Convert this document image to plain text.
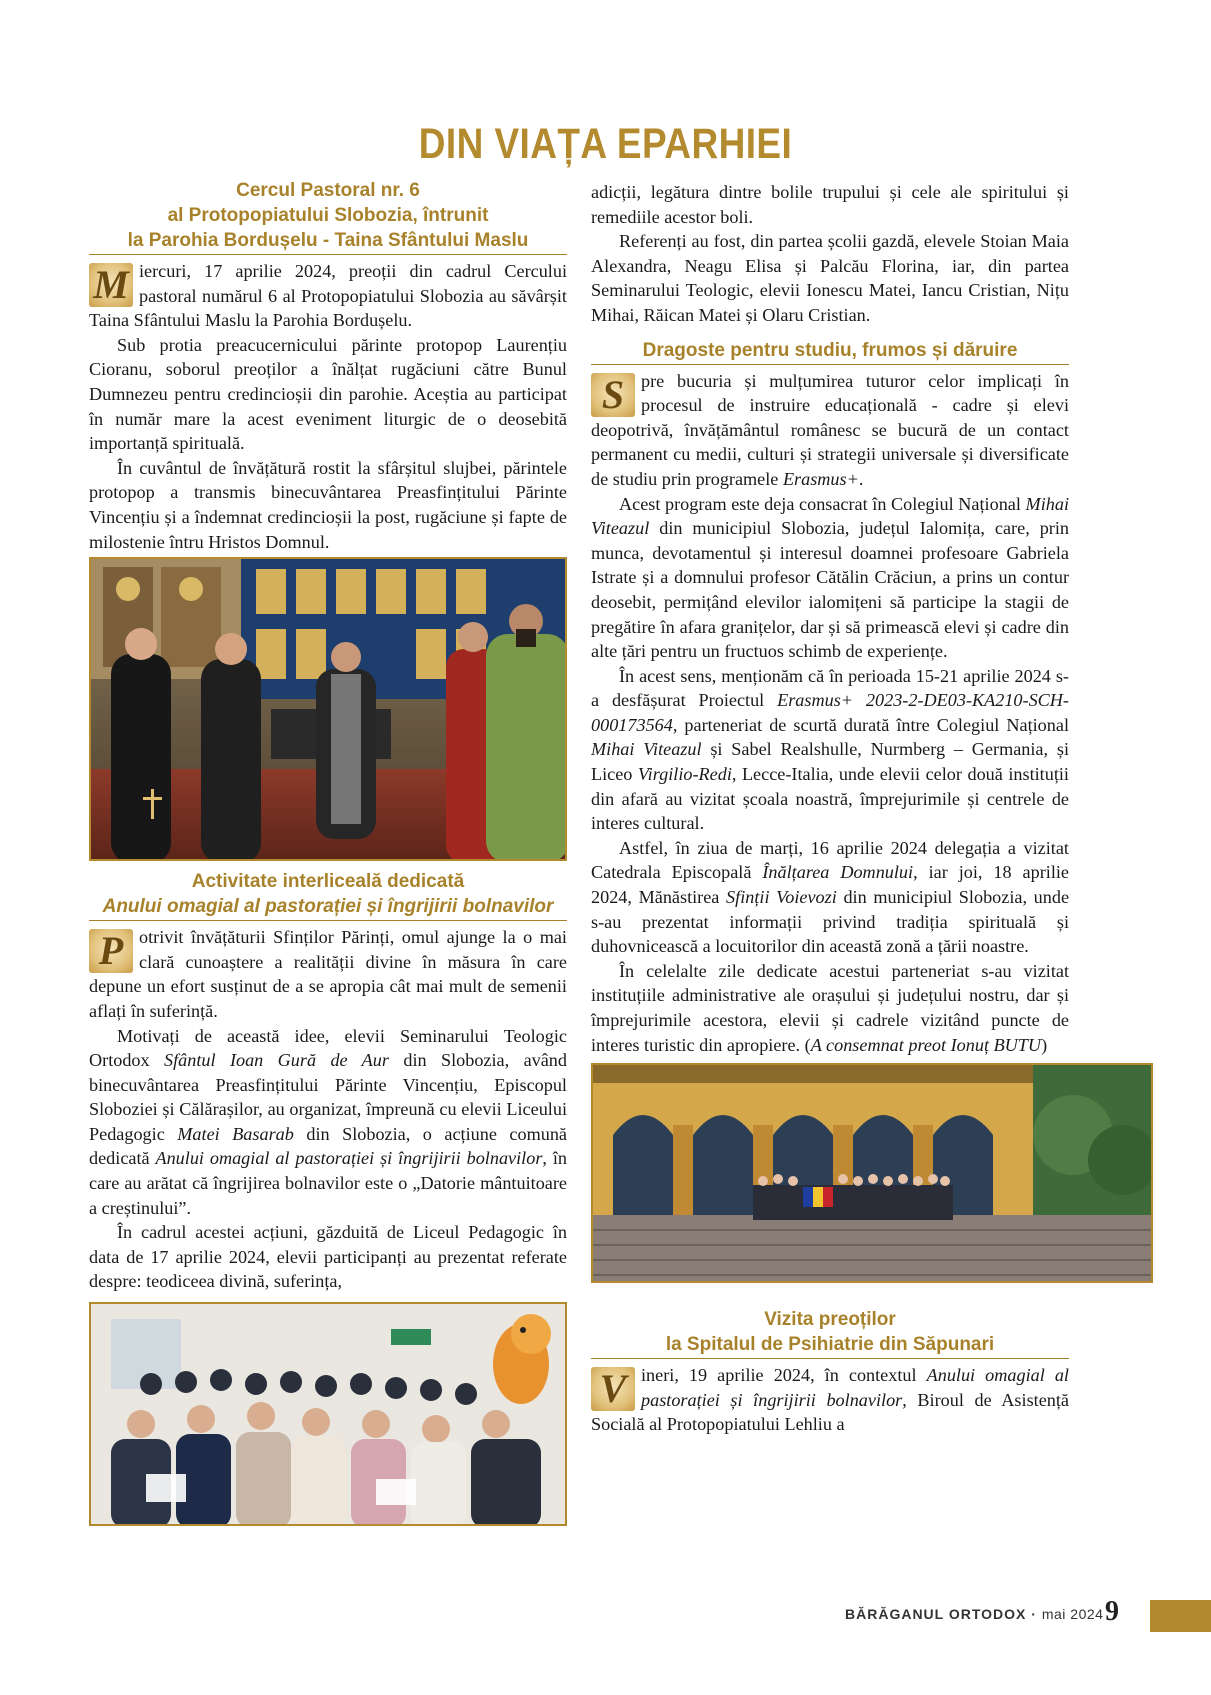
DIN VIAȚA EPARHIEI
Cercul Pastoral nr. 6
al Protopopiatului Slobozia, întrunit
la Parohia Bordușelu - Taina Sfântului Maslu

M iercuri, 17 aprilie 2024, preoții din cadrul Cercului pastoral numărul 6 al Protopopiatului Slobozia au săvârșit Taina Sfântului Maslu la Parohia Bordușelu.

Sub protia preacucernicului părinte protopop Laurențiu Cioranu, soborul preoților a înălțat rugăciuni către Bunul Dumnezeu pentru credincioșii din parohie. Aceștia au participat în număr mare la acest eveniment liturgic de o deosebită importanță spirituală.

În cuvântul de învățătură rostit la sfârșitul slujbei, părintele protopop a transmis binecuvântarea Preasfințitului Părinte Vincențiu și a îndemnat credincioșii la post, rugăciune și fapte de milostenie întru Hristos Domnul.

Activitate interliceală dedicată
Anului omagial al pastorației și îngrijirii bolnavilor

P otrivit învățăturii Sfinților Părinți, omul ajunge la o mai clară cunoaștere a realității divine în măsura în care depune un efort susținut de a se apropia cât mai mult de semenii aflați în suferință.

Motivați de această idee, elevii Seminarului Teologic Ortodox Sfântul Ioan Gură de Aur din Slobozia, având binecuvântarea Preasfințitului Părinte Vincențiu, Episcopul Sloboziei și Călărașilor, au organizat, împreună cu elevii Liceului Pedagogic Matei Basarab din Slobozia, o acțiune comună dedicată Anului omagial al pastorației și îngrijirii bolnavilor, în care au arătat că îngrijirea bolnavilor este o „Datorie mântuitoare a creștinului”.

În cadrul acestei acțiuni, găzduită de Liceul Pedagogic în data de 17 aprilie 2024, elevii participanți au prezentat referate despre: teodiceea divină, suferința,

adicții, legătura dintre bolile trupului și cele ale spiritului și remediile acestor boli.

Referenți au fost, din partea școlii gazdă, elevele Stoian Maia Alexandra, Neagu Elisa și Palcău Florina, iar, din partea Seminarului Teologic, elevii Ionescu Matei, Iancu Cristian, Nițu Mihai, Răican Matei și Olaru Cristian.

Dragoste pentru studiu, frumos și dăruire

S pre bucuria și mulțumirea tuturor celor implicați în procesul de instruire educațională - cadre și elevi deopotrivă, învățământul românesc se bucură de un contact permanent cu medii, culturi și strategii universale și diversificate de studiu prin programele Erasmus+.

Acest program este deja consacrat în Colegiul Național Mihai Viteazul din municipiul Slobozia, județul Ialomița, care, prin munca, devotamentul și interesul doamnei profesoare Gabriela Istrate și a domnului profesor Cătălin Crăciun, a prins un contur deosebit, permițând elevilor ialomițeni să participe la stagii de pregătire în afara granițelor, dar și să primească elevi și cadre din alte țări pentru un fructuos schimb de experiențe.

În acest sens, menționăm că în perioada 15-21 aprilie 2024 s-a desfășurat Proiectul Erasmus+ 2023-2-DE03-KA210-SCH-000173564, parteneriat de scurtă durată între Colegiul Național Mihai Viteazul și Sabel Realshulle, Nurmberg – Germania, și Liceo Virgilio-Redi, Lecce-Italia, unde elevii celor două instituții din afară au vizitat școala noastră, împrejurimile și centrele de interes cultural.

Astfel, în ziua de marți, 16 aprilie 2024 delegația a vizitat Catedrala Episcopală Înălțarea Domnului, iar joi, 18 aprilie 2024, Mănăstirea Sfinții Voievozi din municipiul Slobozia, unde s-au prezentat informații privind tradiția spirituală și duhovnicească a locuitorilor din această zonă a țării noastre.

În celelalte zile dedicate acestui parteneriat s-au vizitat instituțiile administrative ale orașului și județului nostru, dar și împrejurimile acestora, elevii și cadrele vizitând puncte de interes turistic din apropiere. (A consemnat preot Ionuț BUTU)

Vizita preoților
la Spitalul de Psihiatrie din Săpunari

V ineri, 19 aprilie 2024, în contextul Anului omagial al pastorației și îngrijirii bolnavilor, Biroul de Asistență Socială al Protopopiatului Lehliu a

BĂRĂGANUL ORTODOX · mai 2024 9
